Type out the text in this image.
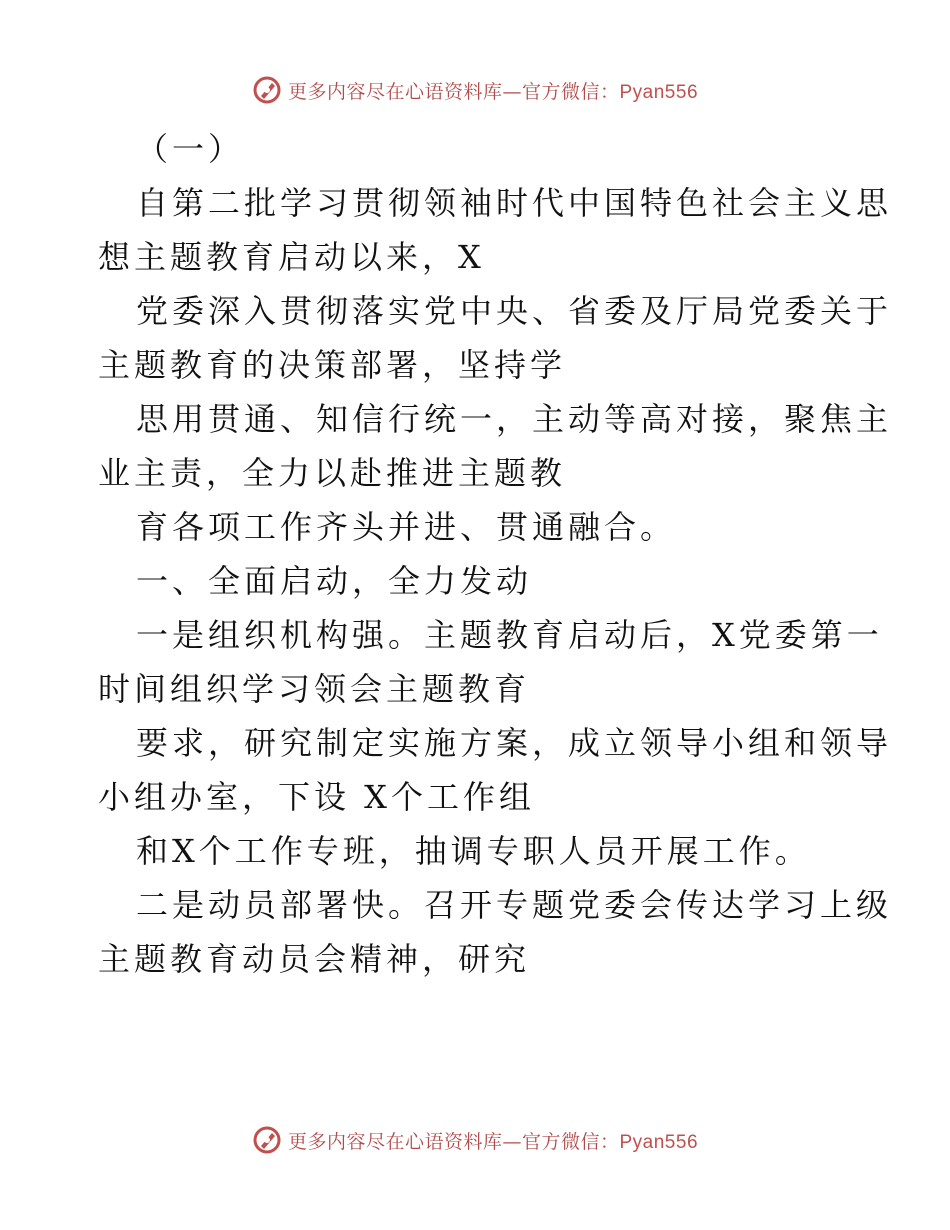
更多内容尽在心语资料库—官方微信：Pyan556
（一）
自第二批学习贯彻领袖时代中国特色社会主义思
想主题教育启动以来，X
党委深入贯彻落实党中央、省委及厅局党委关于
主题教育的决策部署，坚持学
思用贯通、知信行统一，主动等高对接，聚焦主
业主责，全力以赴推进主题教
育各项工作齐头并进、贯通融合。
一、全面启动，全力发动
一是组织机构强。主题教育启动后，X党委第一
时间组织学习领会主题教育
要求，研究制定实施方案，成立领导小组和领导
小组办室，下设 X个工作组
和X个工作专班，抽调专职人员开展工作。
二是动员部署快。召开专题党委会传达学习上级
主题教育动员会精神，研究
更多内容尽在心语资料库—官方微信：Pyan556
